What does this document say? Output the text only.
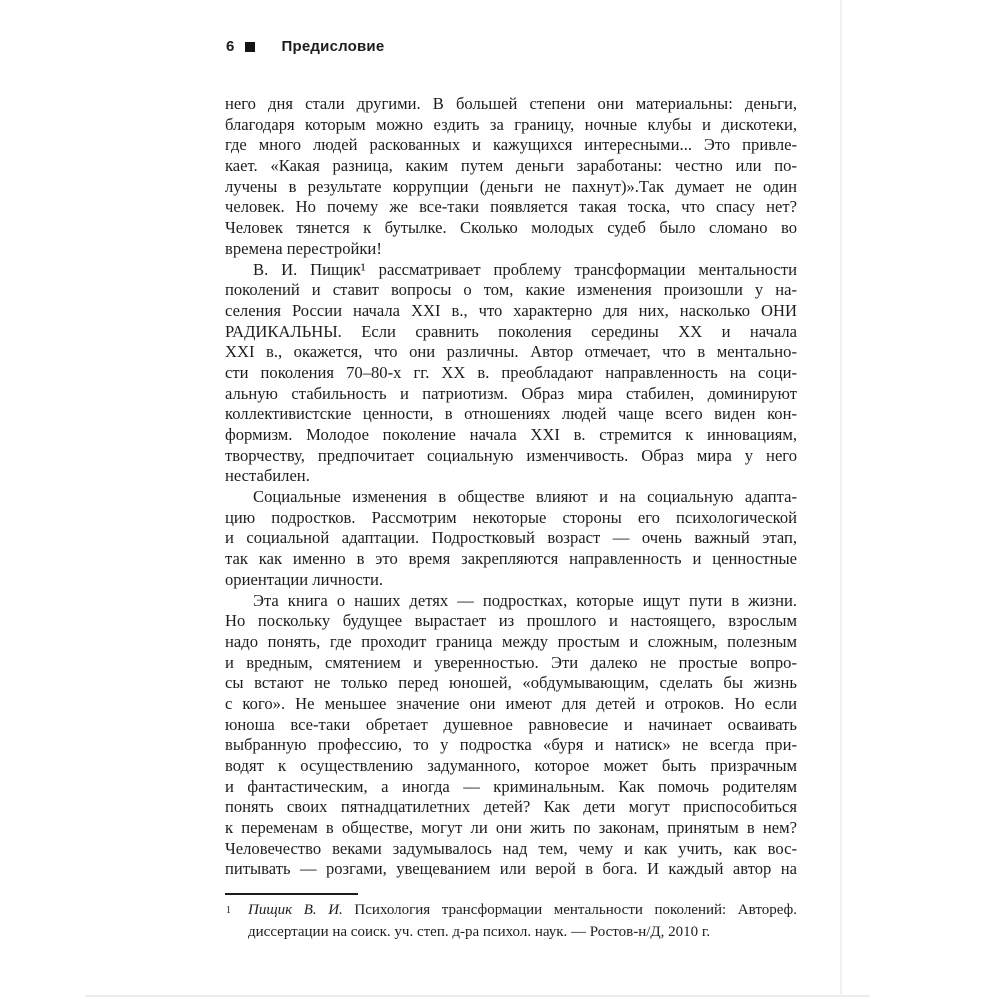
6	Предисловие
него дня стали другими. В большей степени они материальны: деньги,
благодаря которым можно ездить за границу, ночные клубы и дискотеки,
где много людей раскованных и кажущихся интересными... Это привле-
кает. «Какая разница, каким путем деньги заработаны: честно или по-
лучены в результате коррупции (деньги не пахнут)».Так думает не один
человек. Но почему же все-таки появляется такая тоска, что спасу нет?
Человек тянется к бутылке. Сколько молодых судеб было сломано во
времена перестройки!
В. И. Пищик¹ рассматривает проблему трансформации ментальности
поколений и ставит вопросы о том, какие изменения произошли у на-
селения России начала XXI в., что характерно для них, насколько ОНИ
РАДИКАЛЬНЫ. Если сравнить поколения середины XX и начала
XXI в., окажется, что они различны. Автор отмечает, что в ментально-
сти поколения 70–80-х гг. XX в. преобладают направленность на соци-
альную стабильность и патриотизм. Образ мира стабилен, доминируют
коллективистские ценности, в отношениях людей чаще всего виден кон-
формизм. Молодое поколение начала XXI в. стремится к инновациям,
творчеству, предпочитает социальную изменчивость. Образ мира у него
нестабилен.
Социальные изменения в обществе влияют и на социальную адапта-
цию подростков. Рассмотрим некоторые стороны его психологической
и социальной адаптации. Подростковый возраст — очень важный этап,
так как именно в это время закрепляются направленность и ценностные
ориентации личности.
Эта книга о наших детях — подростках, которые ищут пути в жизни.
Но поскольку будущее вырастает из прошлого и настоящего, взрослым
надо понять, где проходит граница между простым и сложным, полезным
и вредным, смятением и уверенностью. Эти далеко не простые вопро-
сы встают не только перед юношей, «обдумывающим, сделать бы жизнь
с кого». Не меньшее значение они имеют для детей и отроков. Но если
юноша все-таки обретает душевное равновесие и начинает осваивать
выбранную профессию, то у подростка «буря и натиск» не всегда при-
водят к осуществлению задуманного, которое может быть призрачным
и фантастическим, а иногда — криминальным. Как помочь родителям
понять своих пятнадцатилетних детей? Как дети могут приспособиться
к переменам в обществе, могут ли они жить по законам, принятым в нем?
Человечество веками задумывалось над тем, чему и как учить, как вос-
питывать — розгами, увещеванием или верой в бога. И каждый автор на
1 Пищик В. И. Психология трансформации ментальности поколений: Автореф.
диссертации на соиск. уч. степ. д-ра психол. наук. — Ростов-н/Д, 2010 г.
